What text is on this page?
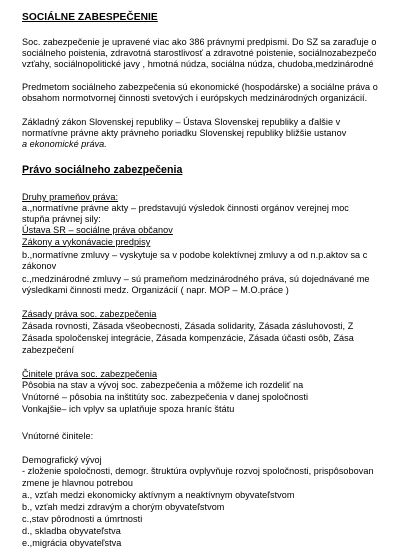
SOCIÁLNE ZABESPEČENIE
Soc. zabezpečenie je upravené viac ako 386 právnymi predpismi. Do SZ sa zaraďuje o
sociálneho poistenia, zdravotná starostlivosť a zdravotné poistenie, sociálnozabezpečo
vzťahy, sociálnopolitické javy , hmotná núdza, sociálna núdza, chudoba,medzinárodné
Predmetom sociálneho zabezpečenia sú ekonomické (hospodárske) a sociálne práva o
obsahom normotvornej činnosti svetových i európskych medzinárodných organizácií.
Základný zákon Slovenskej republiky – Ústava Slovenskej republiky a ďalšie v
normatívne právne akty právneho poriadku Slovenskej republiky bližšie ustanov
a ekonomické práva.
Právo sociálneho zabezpečenia
Druhy prameňov práva:
a.,normatívne právne akty – predstavujú výsledok činnosti orgánov verejnej moc
stupňa právnej sily:
Ústava SR – sociálne práva občanov
Zákony a vykonávacie predpisy
b.,normatívne zmluvy – vyskytuje sa v podobe kolektívnej zmluvy a od n.p.aktov sa c
zákonov
c.,medzinárodné zmluvy – sú prameňom medzinárodného práva, sú dojednávané me
výsledkami činnosti medz. Organizácií ( napr. MOP – M.O.práce )
Zásady práva soc. zabezpečenia
Zásada rovnosti, Zásada všeobecnosti, Zásada solidarity, Zásada zásluhovosti, Z
Zásada spoločenskej integrácie, Zásada kompenzácie, Zásada účasti osôb, Zása
zabezpečení
Činitele práva soc. zabezpečenia
Pôsobia na stav a vývoj soc. zabezpečenia a môžeme ich rozdeliť na
Vnútorné – pôsobia na inštitúty soc. zabezpečenia v danej spoločnosti
Vonkajšie– ich vplyv sa uplatňuje spoza hraníc štátu
Vnútorné činitele:
Demografický vývoj
- zloženie spoločnosti, demogr. štruktúra ovplyvňuje rozvoj spoločnosti, prispôsobovan
zmene je hlavnou potrebou
a., vzťah medzi ekonomicky aktívnym a neaktívnym obyvateľstvom
b., vzťah medzi zdravým a chorým obyvateľstvom
c.,stav pôrodnosti a úmrtnosti
d., skladba obyvateľstva
e.,migrácia obyvateľstva
